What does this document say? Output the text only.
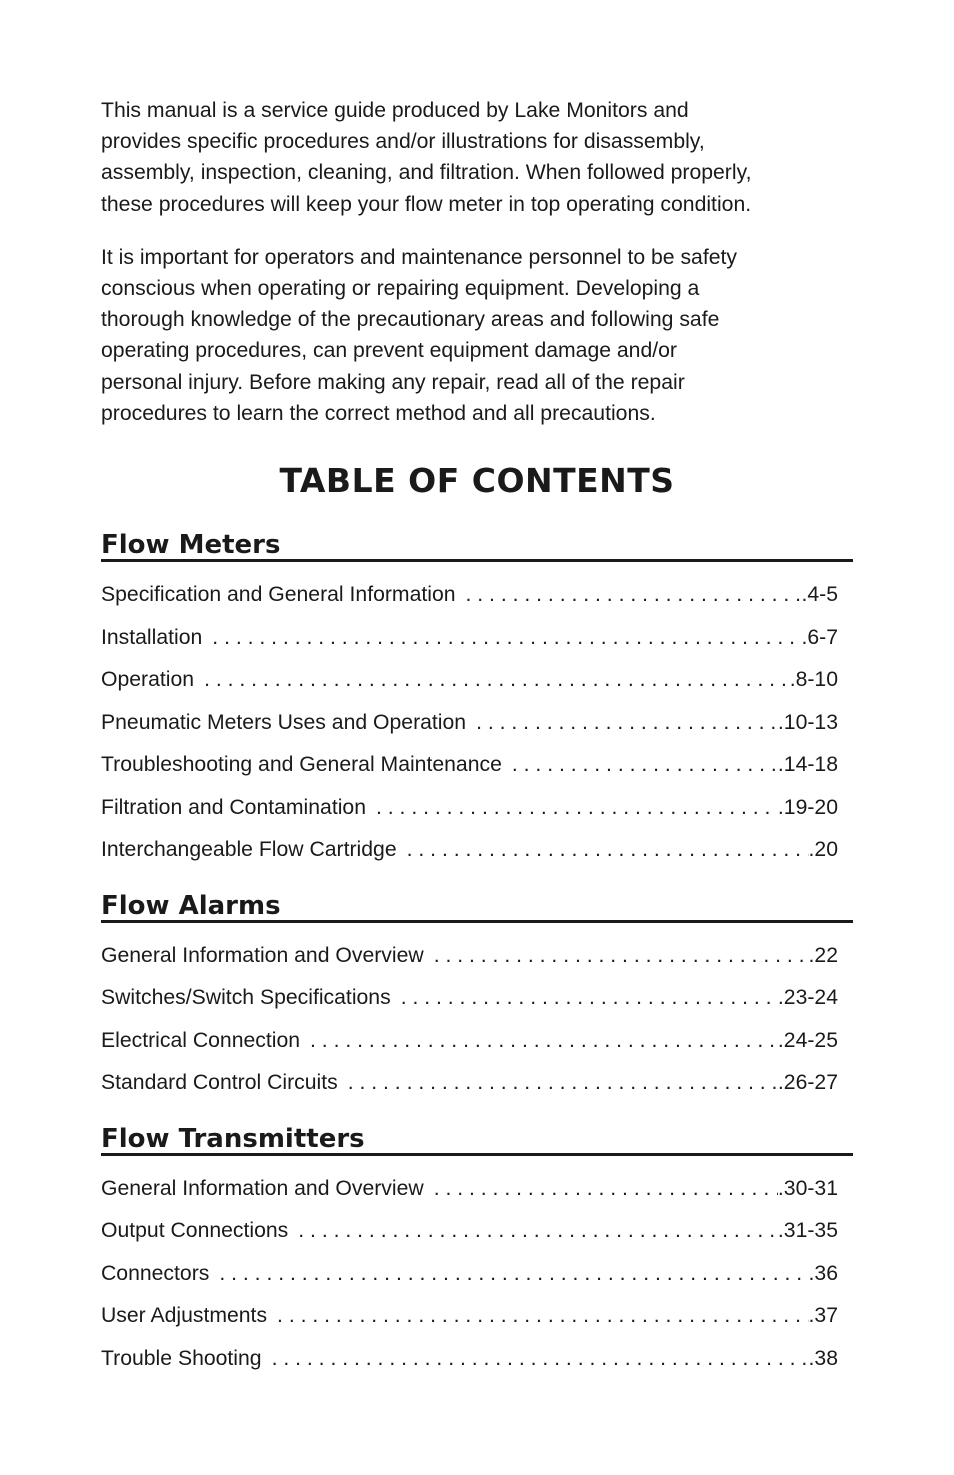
This manual is a service guide produced by Lake Monitors and
provides specific procedures and/or illustrations for disassembly,
assembly, inspection, cleaning, and filtration. When followed properly,
these procedures will keep your flow meter in top operating condition.

It is important for operators and maintenance personnel to be safety
conscious when operating or repairing equipment. Developing a
thorough knowledge of the precautionary areas and following safe
operating procedures, can prevent equipment damage and/or
personal injury. Before making any repair, read all of the repair
procedures to learn the correct method and all precautions.

TABLE OF CONTENTS
Flow Meters
Specification and General Information . . .	.4-5
Installation . . .	.6-7
Operation . . .	.8-10
Pneumatic Meters Uses and Operation . . .	.10-13
Troubleshooting and General Maintenance . . .	.14-18
Filtration and Contamination . . .	.19-20
Interchangeable Flow Cartridge . . .	.20
Flow Alarms
General Information and Overview . . .	.22
Switches/Switch Specifications . . .	.23-24
Electrical Connection . . .	.24-25
Standard Control Circuits . . .	.26-27
Flow Transmitters
General Information and Overview . . .	.30-31
Output Connections . . .	.31-35
Connectors . . .	.36
User Adjustments . . .	.37
Trouble Shooting . . .	.38
